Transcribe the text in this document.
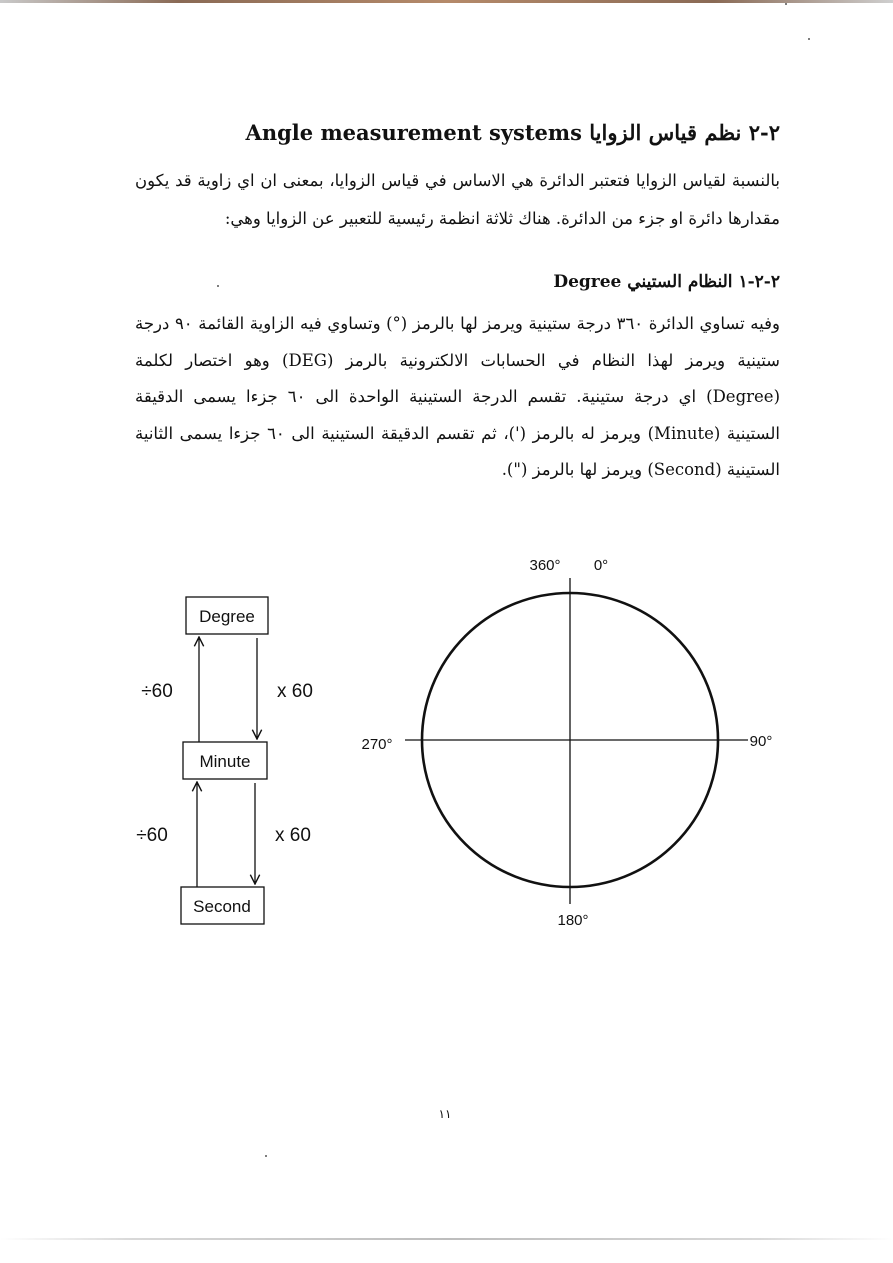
٢-٢ نظم قياس الزوايا Angle measurement systems
بالنسبة لقياس الزوايا فتعتبر الدائرة هي الاساس في قياس الزوايا، بمعنى ان اي زاوية قد يكون مقدارها دائرة او جزء من الدائرة. هناك ثلاثة انظمة رئيسية للتعبير عن الزوايا وهي:
٢-٢-١ النظام الستيني Degree
وفيه تساوي الدائرة ٣٦٠ درجة ستينية ويرمز لها بالرمز (°) وتساوي فيه الزاوية القائمة ٩٠ درجة ستينية ويرمز لهذا النظام في الحسابات الالكترونية بالرمز (DEG) وهو اختصار لكلمة (Degree) اي درجة ستينية. تقسم الدرجة الستينية الواحدة الى ٦٠ جزءا يسمى الدقيقة الستينية (Minute) ويرمز له بالرمز (')، ثم تقسم الدقيقة الستينية الى ٦٠ جزءا يسمى الثانية الستينية (Second) ويرمز لها بالرمز (").
Degree
Minute
Second
÷60	x 60
÷60	x 60
360° 0°
90°
180°
270°
١١
